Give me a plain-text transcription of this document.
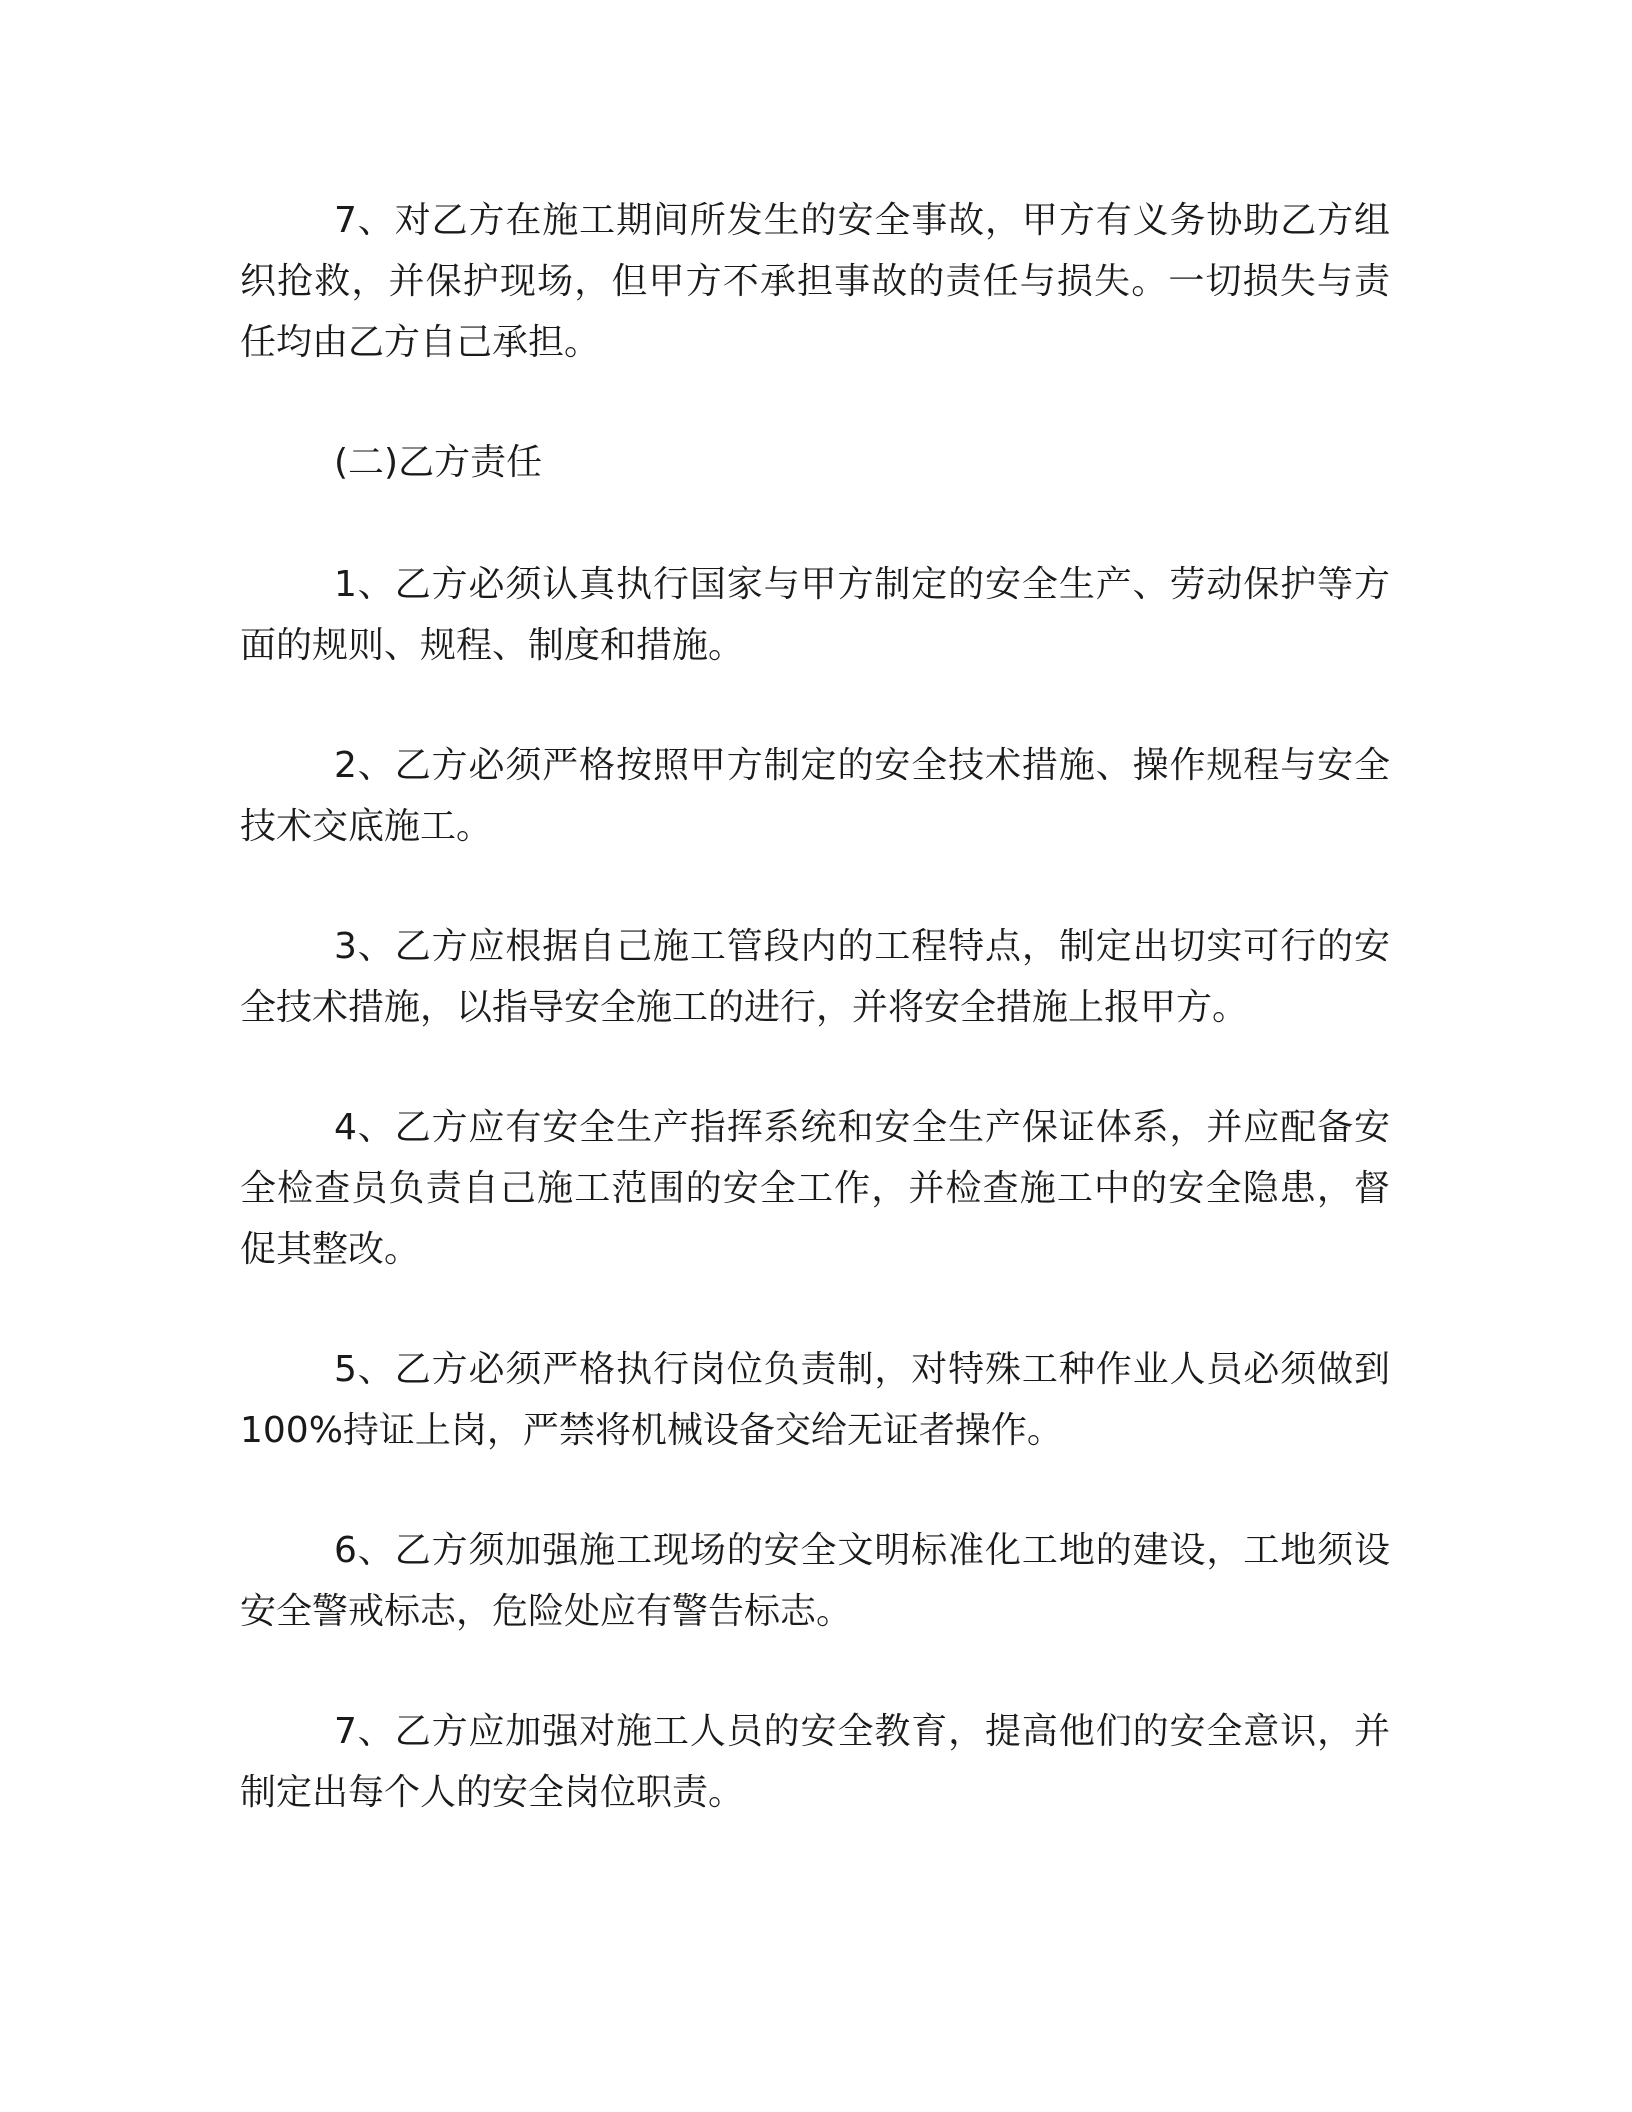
7、对乙方在施工期间所发生的安全事故，甲方有义务协助乙方组织抢救，并保护现场，但甲方不承担事故的责任与损失。一切损失与责任均由乙方自己承担。

(二)乙方责任

1、乙方必须认真执行国家与甲方制定的安全生产、劳动保护等方面的规则、规程、制度和措施。

2、乙方必须严格按照甲方制定的安全技术措施、操作规程与安全技术交底施工。

3、乙方应根据自己施工管段内的工程特点，制定出切实可行的安全技术措施，以指导安全施工的进行，并将安全措施上报甲方。

4、乙方应有安全生产指挥系统和安全生产保证体系，并应配备安全检查员负责自己施工范围的安全工作，并检查施工中的安全隐患，督促其整改。

5、乙方必须严格执行岗位负责制，对特殊工种作业人员必须做到 100%持证上岗，严禁将机械设备交给无证者操作。

6、乙方须加强施工现场的安全文明标准化工地的建设，工地须设安全警戒标志，危险处应有警告标志。

7、乙方应加强对施工人员的安全教育，提高他们的安全意识，并制定出每个人的安全岗位职责。
